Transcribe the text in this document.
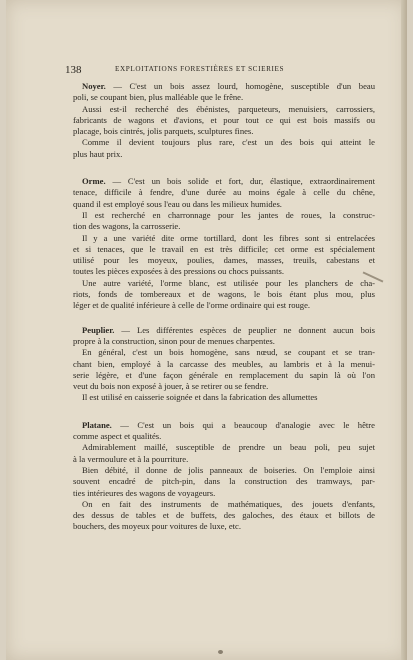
138	EXPLOITATIONS FORESTIÈRES ET SCIERIES
Noyer. — C'est un bois assez lourd, homogène, susceptible d'un beau
poli, se coupant bien, plus malléable que le frêne.
Aussi est-il recherché des ébénistes, parqueteurs, menuisiers, carrossiers,
fabricants de wagons et d'avions, et pour tout ce qui est bois massifs ou
placage, bois cintrés, jolis parquets, sculptures fines.
Comme il devient toujours plus rare, c'est un des bois qui atteint le
plus haut prix.
Orme. — C'est un bois solide et fort, dur, élastique, extraordinairement
tenace, difficile à fendre, d'une durée au moins égale à celle du chêne,
quand il est employé sous l'eau ou dans les milieux humides.
Il est recherché en charronnage pour les jantes de roues, la construc-
tion des wagons, la carrosserie.
Il y a une variété dite orme tortillard, dont les fibres sont si entrelacées
et si tenaces, que le travail en est très difficile; cet orme est spécialement
utilisé pour les moyeux, poulies, dames, masses, treuils, cabestans et
toutes les pièces exposées à des pressions ou chocs puissants.
Une autre variété, l'orme blanc, est utilisée pour les planchers de cha-
riots, fonds de tombereaux et de wagons, le bois étant plus mou, plus
léger et de qualité inférieure à celle de l'orme ordinaire qui est rouge.
Peuplier. — Les différentes espèces de peuplier ne donnent aucun bois
propre à la construction, sinon pour de menues charpentes.
En général, c'est un bois homogène, sans nœud, se coupant et se tran-
chant bien, employé à la carcasse des meubles, au lambris et à la menui-
serie légère, et d'une façon générale en remplacement du sapin là où l'on
veut du bois non exposé à jouer, à se retirer ou se fendre.
Il est utilisé en caisserie soignée et dans la fabrication des allumettes
Platane. — C'est un bois qui a beaucoup d'analogie avec le hêtre
comme aspect et qualités.
Admirablement maillé, susceptible de prendre un beau poli, peu sujet
à la vermoulure et à la pourriture.
Bien débité, il donne de jolis panneaux de boiseries. On l'emploie ainsi
souvent encadré de pitch-pin, dans la construction des tramways, par-
ties intérieures des wagons de voyageurs.
On en fait des instruments de mathématiques, des jouets d'enfants,
des dessus de tables et de buffets, des galoches, des étaux et billots de
bouchers, des moyeux pour voitures de luxe, etc.
